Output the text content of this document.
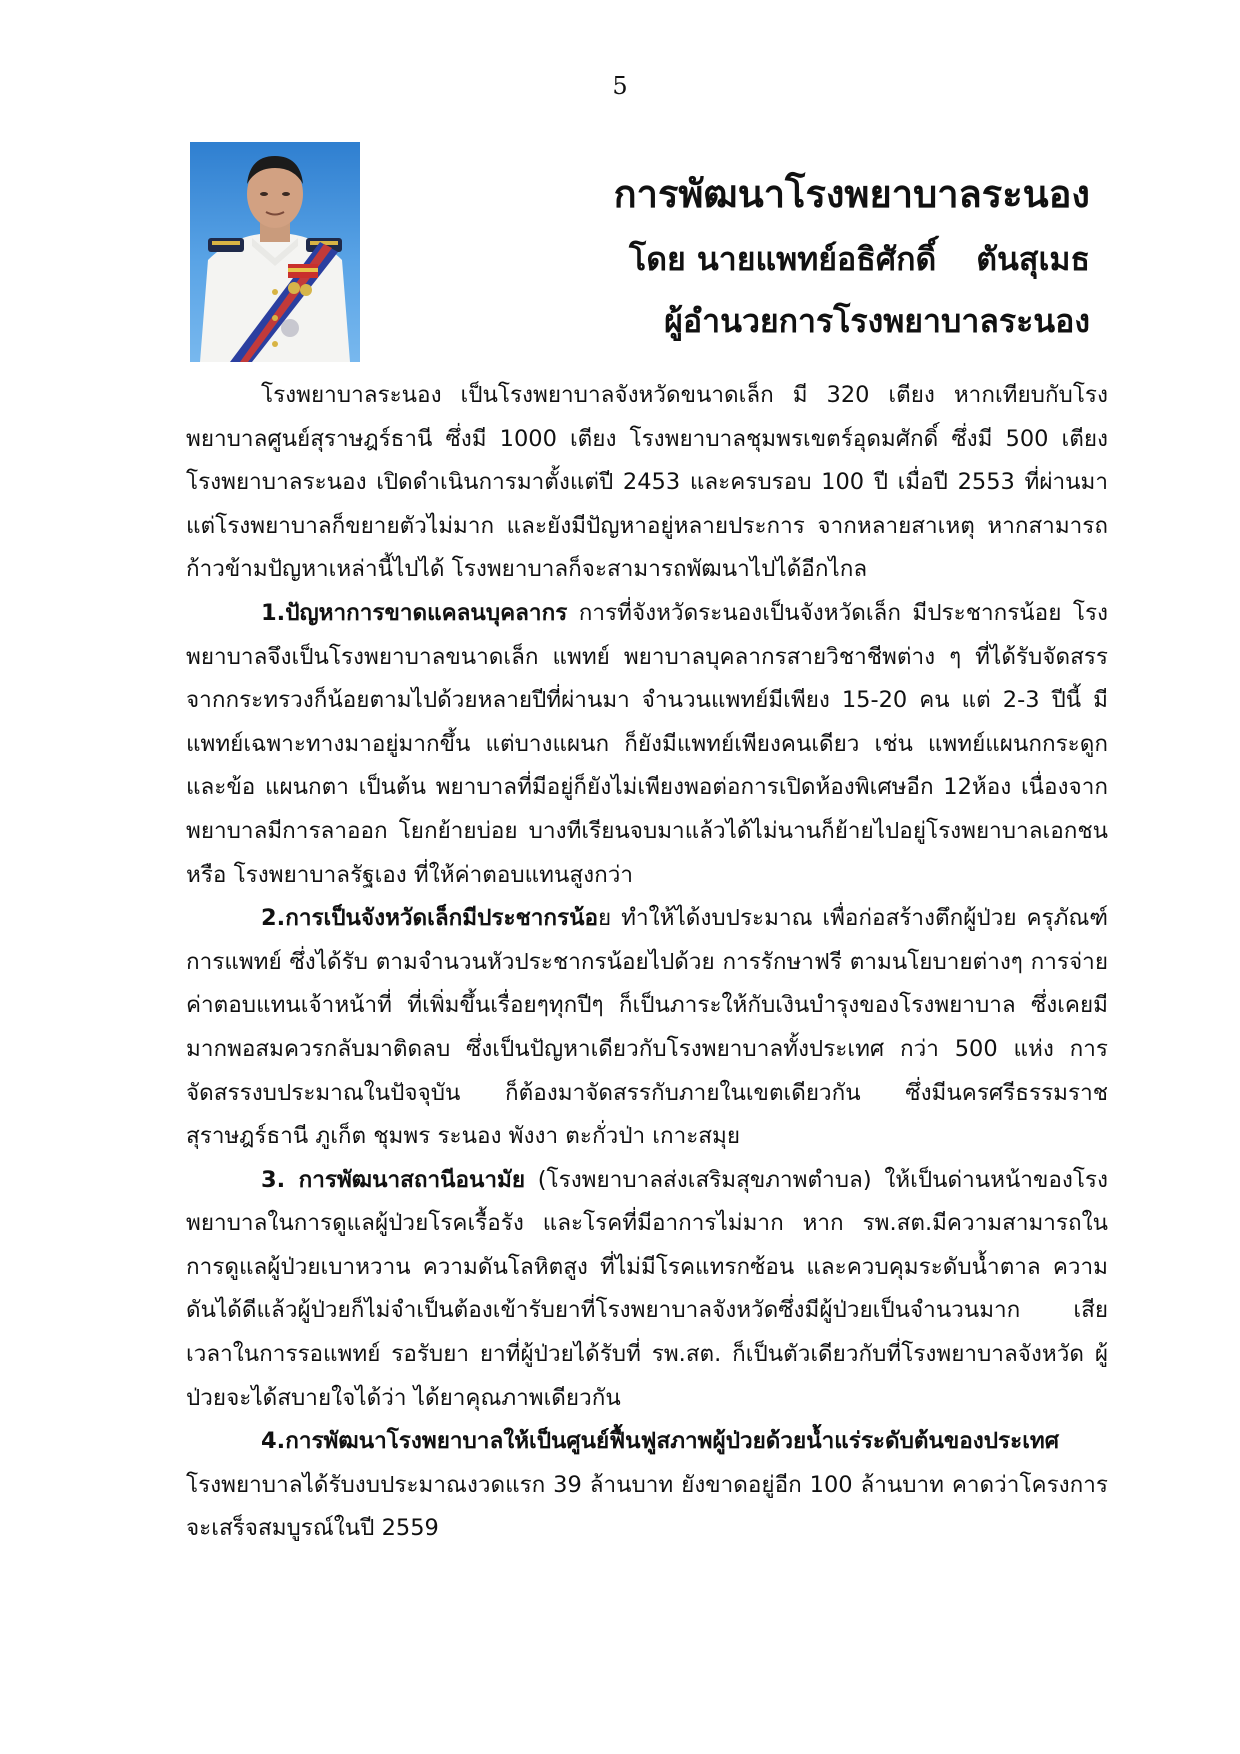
5
การพัฒนาโรงพยาบาลระนอง
โดย นายแพทย์อธิศักดิ์ ตันสุเมธ
ผู้อำนวยการโรงพยาบาลระนอง

โรงพยาบาลระนอง เป็นโรงพยาบาลจังหวัดขนาดเล็ก มี 320 เตียง หากเทียบกับโรงพยาบาลศูนย์สุราษฎร์ธานี ซึ่งมี 1000 เตียง โรงพยาบาลชุมพรเขตร์อุดมศักดิ์ ซึ่งมี 500 เตียง โรงพยาบาลระนอง เปิดดำเนินการมาตั้งแต่ปี 2453 และครบรอบ 100 ปี เมื่อปี 2553 ที่ผ่านมา แต่โรงพยาบาลก็ขยายตัวไม่มาก และยังมีปัญหาอยู่หลายประการ จากหลายสาเหตุ หากสามารถก้าวข้ามปัญหาเหล่านี้ไปได้ โรงพยาบาลก็จะสามารถพัฒนาไปได้อีกไกล

1.ปัญหาการขาดแคลนบุคลากร การที่จังหวัดระนองเป็นจังหวัดเล็ก มีประชากรน้อย โรงพยาบาลจึงเป็นโรงพยาบาลขนาดเล็ก แพทย์ พยาบาลบุคลากรสายวิชาชีพต่าง ๆ ที่ได้รับจัดสรรจากกระทรวงก็น้อยตามไปด้วยหลายปีที่ผ่านมา จำนวนแพทย์มีเพียง 15-20 คน แต่ 2-3 ปีนี้ มีแพทย์เฉพาะทางมาอยู่มากขึ้น แต่บางแผนก ก็ยังมีแพทย์เพียงคนเดียว เช่น แพทย์แผนกกระดูกและข้อ แผนกตา เป็นต้น พยาบาลที่มีอยู่ก็ยังไม่เพียงพอต่อการเปิดห้องพิเศษอีก 12ห้อง เนื่องจากพยาบาลมีการลาออก โยกย้ายบ่อย บางทีเรียนจบมาแล้วได้ไม่นานก็ย้ายไปอยู่โรงพยาบาลเอกชน หรือ โรงพยาบาลรัฐเอง ที่ให้ค่าตอบแทนสูงกว่า

2.การเป็นจังหวัดเล็กมีประชากรน้อย ทำให้ได้งบประมาณ เพื่อก่อสร้างตึกผู้ป่วย ครุภัณฑ์การแพทย์ ซึ่งได้รับ ตามจำนวนหัวประชากรน้อยไปด้วย การรักษาฟรี ตามนโยบายต่างๆ การจ่ายค่าตอบแทนเจ้าหน้าที่ ที่เพิ่มขึ้นเรื่อยๆทุกปีๆ ก็เป็นภาระให้กับเงินบำรุงของโรงพยาบาล ซึ่งเคยมีมากพอสมควรกลับมาติดลบ ซึ่งเป็นปัญหาเดียวกับโรงพยาบาลทั้งประเทศ กว่า 500 แห่ง การจัดสรรงบประมาณในปัจจุบัน ก็ต้องมาจัดสรรกับภายในเขตเดียวกัน ซึ่งมีนครศรีธรรมราช สุราษฎร์ธานี ภูเก็ต ชุมพร ระนอง พังงา ตะกั่วป่า เกาะสมุย

3. การพัฒนาสถานีอนามัย (โรงพยาบาลส่งเสริมสุขภาพตำบล) ให้เป็นด่านหน้าของโรงพยาบาลในการดูแลผู้ป่วยโรคเรื้อรัง และโรคที่มีอาการไม่มาก หาก รพ.สต.มีความสามารถในการดูแลผู้ป่วยเบาหวาน ความดันโลหิตสูง ที่ไม่มีโรคแทรกซ้อน และควบคุมระดับน้ำตาล ความดันได้ดีแล้วผู้ป่วยก็ไม่จำเป็นต้องเข้ารับยาที่โรงพยาบาลจังหวัดซึ่งมีผู้ป่วยเป็นจำนวนมาก เสียเวลาในการรอแพทย์ รอรับยา ยาที่ผู้ป่วยได้รับที่ รพ.สต. ก็เป็นตัวเดียวกับที่โรงพยาบาลจังหวัด ผู้ป่วยจะได้สบายใจได้ว่า ได้ยาคุณภาพเดียวกัน

4.การพัฒนาโรงพยาบาลให้เป็นศูนย์ฟื้นฟูสภาพผู้ป่วยด้วยน้ำแร่ระดับต้นของประเทศ

โรงพยาบาลได้รับงบประมาณงวดแรก 39 ล้านบาท ยังขาดอยู่อีก 100 ล้านบาท คาดว่าโครงการจะเสร็จสมบูรณ์ในปี 2559
